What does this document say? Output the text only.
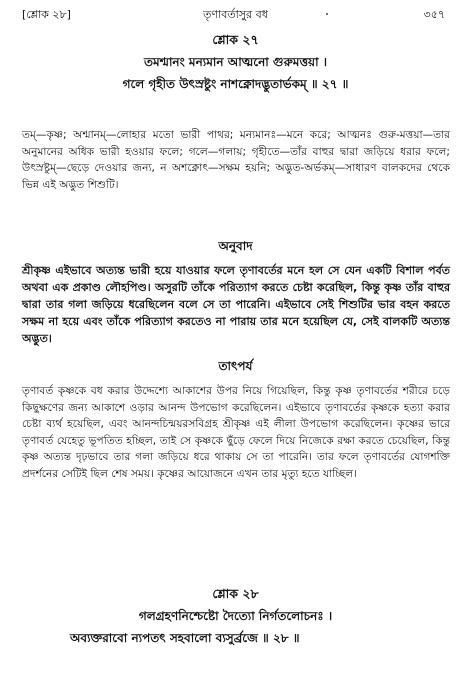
[শ্লোক ২৮]	তৃণাবর্তাসুর বধ	৩৫৭
শ্লোক ২৭
তমশ্মানং মন্যমান আত্মনো গুরুমত্তয়া ।
গলে গৃহীত উৎস্রষ্টুং নাশক্নোদদ্ভুতার্ভকম্ ॥ ২৭ ॥
তম্—কৃষ্ণ; অশ্মানম্—লোহার মতো ভারী পাথর; মন্যমানঃ—মনে করে; আত্মনঃ গুরু-মত্তয়া—তার অনুমানের অধিক ভারী হওয়ার ফলে; গলে—গলায়; গৃহীতে—তাঁর বাহুর দ্বারা জড়িয়ে ধরার ফলে; উৎস্রষ্টুম্—ছেড়ে দেওয়ার জন্য, ন অশক্নোৎ—সক্ষম হয়নি; অদ্ভুত-অর্ভকম্—সাধারণ বালকদের থেকে ভিন্ন এই অদ্ভুত শিশুটি।
অনুবাদ
শ্রীকৃষ্ণ এইভাবে অত্যন্ত ভারী হয়ে যাওয়ার ফলে তৃণাবর্তের মনে হল সে যেন একটি বিশাল পর্বত অথবা এক প্রকাণ্ড লৌহপিণ্ড। অসুরটি তাঁকে পরিত্যাগ করতে চেষ্টা করেছিল, কিন্তু কৃষ্ণ তাঁর বাহুর দ্বারা তার গলা জড়িয়ে ধরেছিলেন বলে সে তা পারেনি। এইভাবে সেই শিশুটির ভার বহন করতে সক্ষম না হয়ে এবং তাঁকে পরিত্যাগ করতেও না পারায় তার মনে হয়েছিল যে, সেই বালকটি অত্যন্ত অদ্ভুত।
তাৎপর্য
তৃণাবর্ত কৃষ্ণকে বধ করার উদ্দেশ্যে আকাশের উপর নিয়ে গিয়েছিল, কিন্তু কৃষ্ণ তৃণাবর্তের শরীরে চড়ে কিছুক্ষণের জন্য আকাশে ওড়ার আনন্দ উপভোগ করেছিলেন। এইভাবে তৃণাবর্তের কৃষ্ণকে হত্যা করার চেষ্টা ব্যর্থ হয়েছিল, এবং আনন্দচিন্ময়রসবিগ্রহ শ্রীকৃষ্ণ এই লীলা উপভোগ করেছিলেন। কৃষ্ণের ভারে তৃণাবর্ত যেহেতু ভূপতিত হচ্ছিল, তাই সে কৃষ্ণকে ছুঁড়ে ফেলে দিয়ে নিজেকে রক্ষা করতে চেয়েছিল, কিন্তু কৃষ্ণ অত্যন্ত দৃঢ়ভাবে তার গলা জড়িয়ে ধরে থাকায় সে তা পারেনি। তার ফলে তৃণাবর্তের যোগশক্তি প্রদর্শনের সেটিই ছিল শেষ সময়। কৃষ্ণের আয়োজনে এখন তার মৃত্যু হতে যাচ্ছিল।
শ্লোক ২৮
গলগ্রহণনিশ্চেষ্টো দৈত্যো নির্গতলোচনঃ ।
অব্যক্তরাবো ন্যপতৎ সহবালো ব্যসুর্ব্রজে ॥ ২৮ ॥
